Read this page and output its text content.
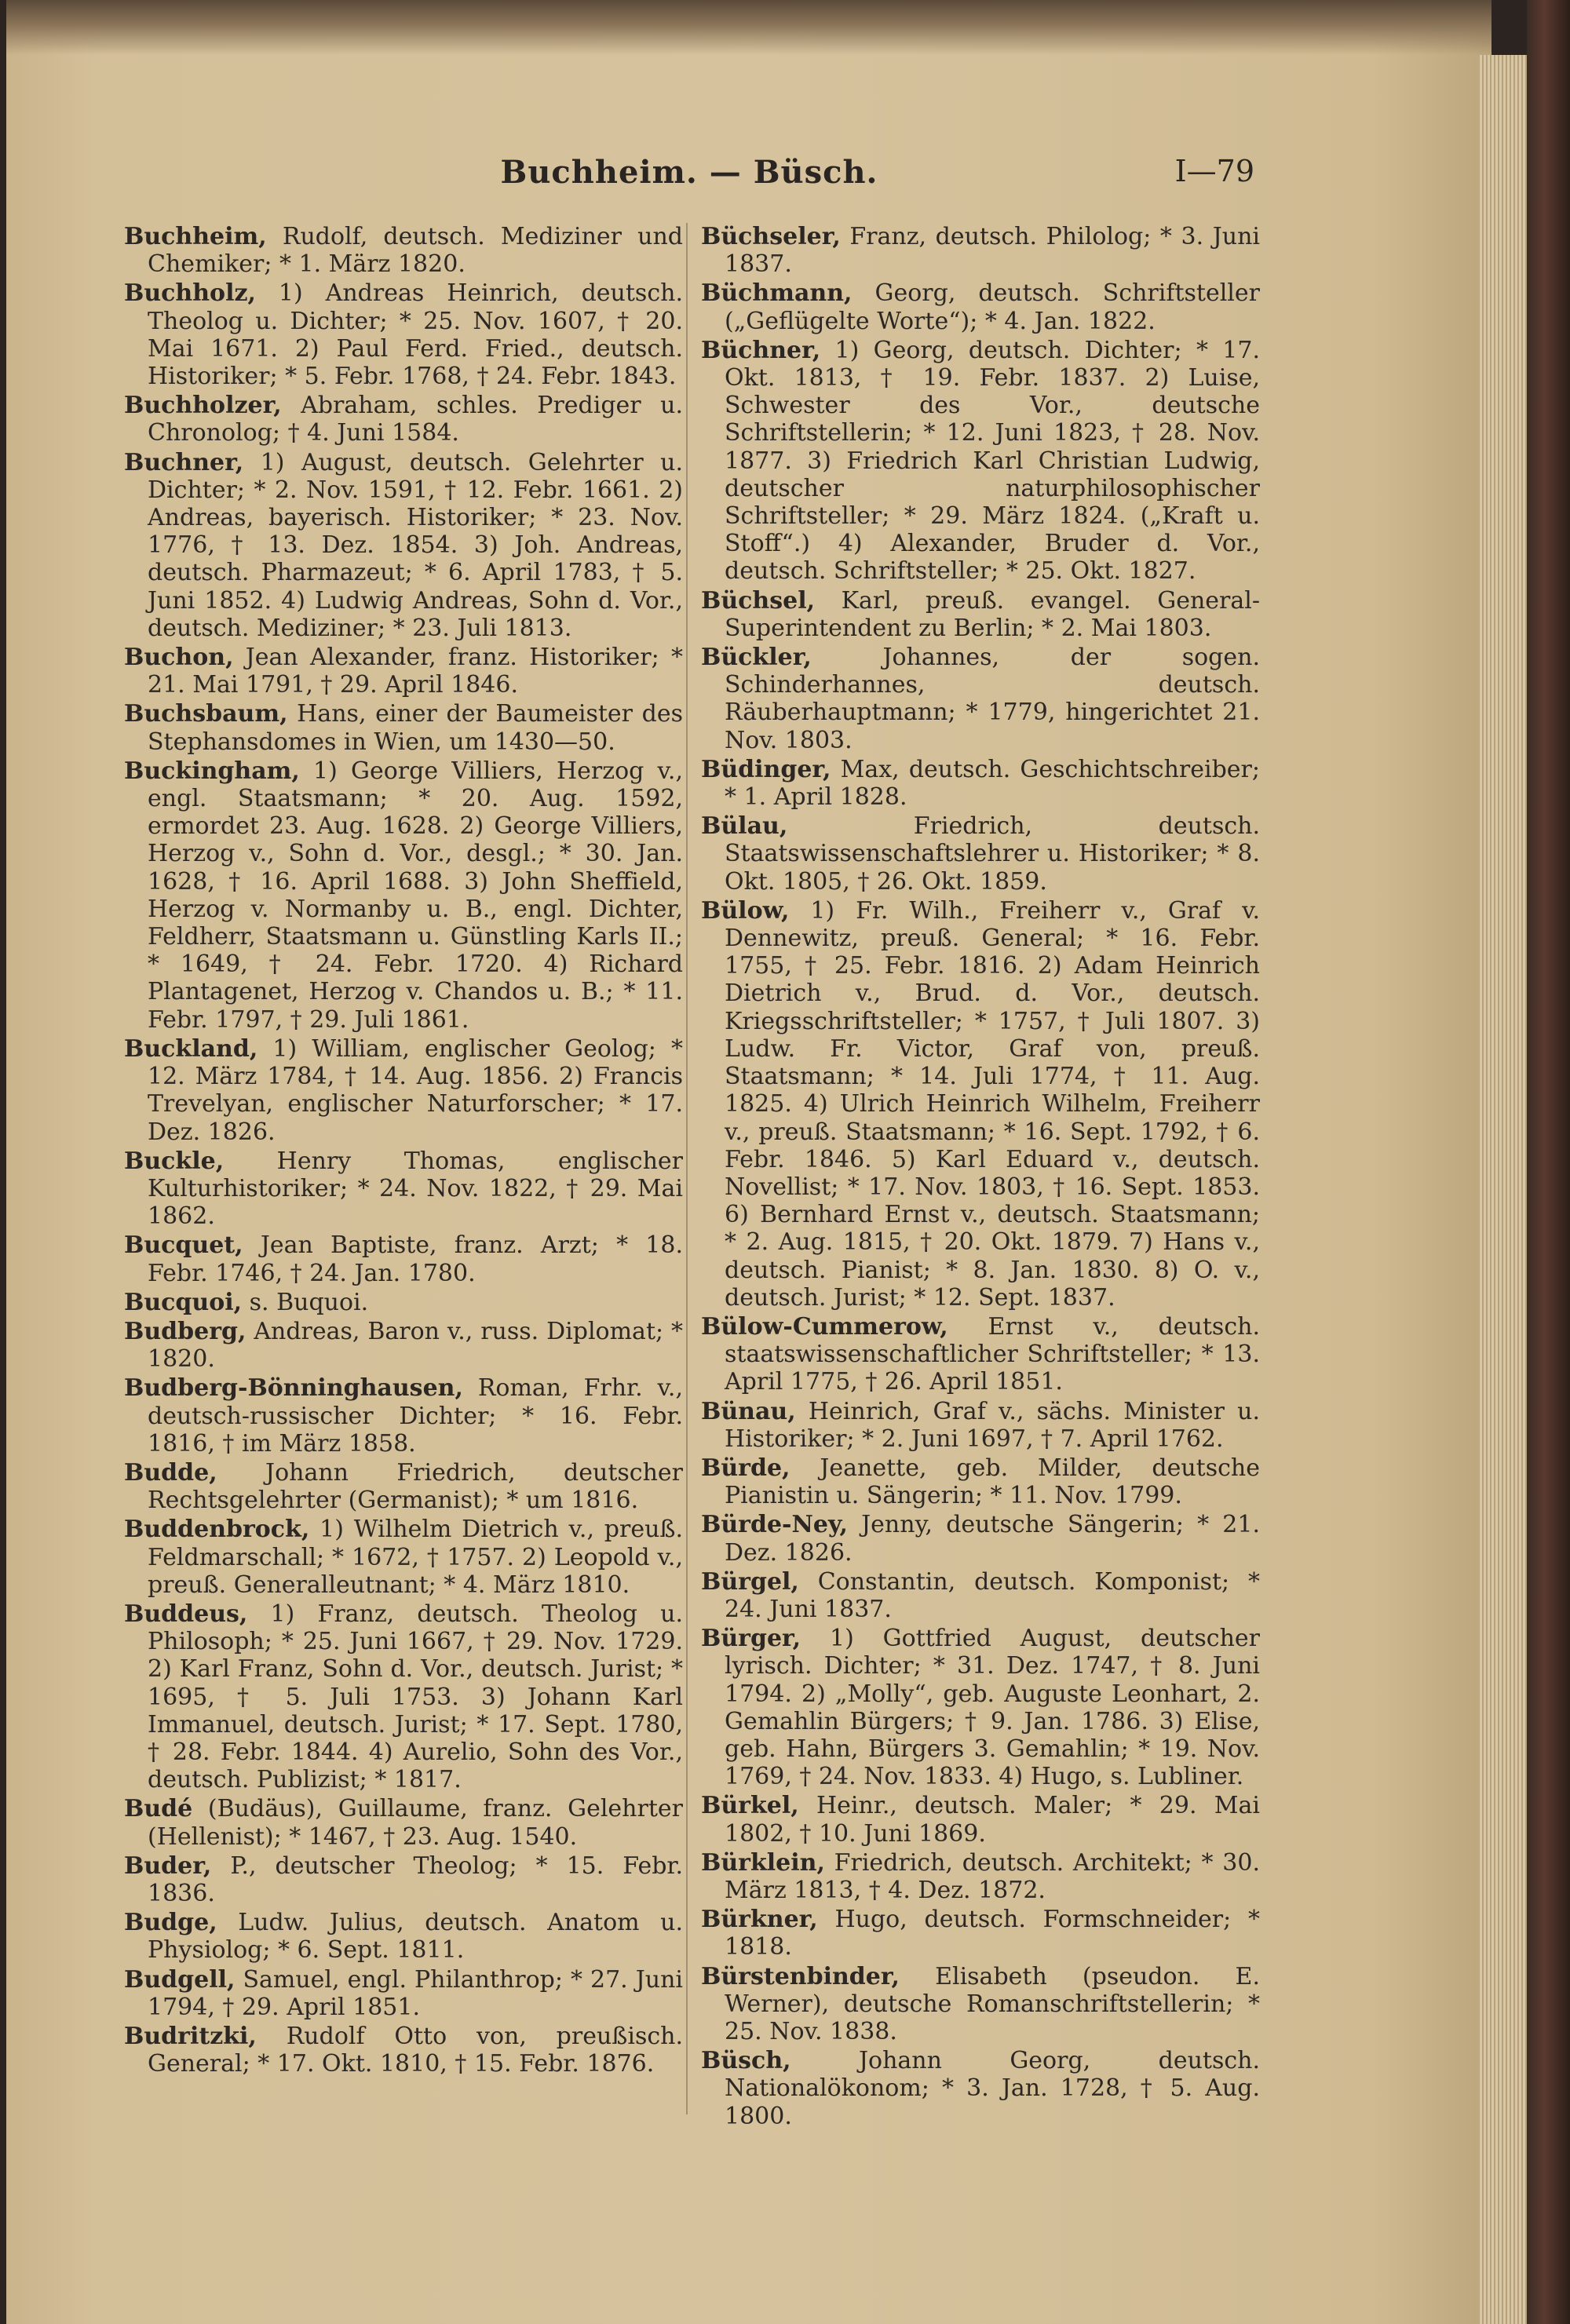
Buchheim. — Büsch.	I—79
Buchheim, Rudolf, deutsch. Mediziner und Chemiker; * 1. März 1820.
Buchholz, 1) Andreas Heinrich, deutsch. Theolog u. Dichter; * 25. Nov. 1607, † 20. Mai 1671. 2) Paul Ferd. Fried., deutsch. Historiker; * 5. Febr. 1768, † 24. Febr. 1843.
Buchholzer, Abraham, schles. Prediger u. Chronolog; † 4. Juni 1584.
Buchner, 1) August, deutsch. Gelehrter u. Dichter; * 2. Nov. 1591, † 12. Febr. 1661. 2) Andreas, bayerisch. Historiker; * 23. Nov. 1776, † 13. Dez. 1854. 3) Joh. Andreas, deutsch. Pharmazeut; * 6. April 1783, † 5. Juni 1852. 4) Ludwig Andreas, Sohn d. Vor., deutsch. Mediziner; * 23. Juli 1813.
Buchon, Jean Alexander, franz. Historiker; * 21. Mai 1791, † 29. April 1846.
Buchsbaum, Hans, einer der Baumeister des Stephansdomes in Wien, um 1430—50.
Buckingham, 1) George Villiers, Herzog v., engl. Staatsmann; * 20. Aug. 1592, ermordet 23. Aug. 1628. 2) George Villiers, Herzog v., Sohn d. Vor., desgl.; * 30. Jan. 1628, † 16. April 1688. 3) John Sheffield, Herzog v. Normanby u. B., engl. Dichter, Feldherr, Staatsmann u. Günstling Karls II.; * 1649, † 24. Febr. 1720. 4) Richard Plantagenet, Herzog v. Chandos u. B.; * 11. Febr. 1797, † 29. Juli 1861.
Buckland, 1) William, englischer Geolog; * 12. März 1784, † 14. Aug. 1856. 2) Francis Trevelyan, englischer Naturforscher; * 17. Dez. 1826.
Buckle, Henry Thomas, englischer Kulturhistoriker; * 24. Nov. 1822, † 29. Mai 1862.
Bucquet, Jean Baptiste, franz. Arzt; * 18. Febr. 1746, † 24. Jan. 1780.
Bucquoi, s. Buquoi.
Budberg, Andreas, Baron v., russ. Diplomat; * 1820.
Budberg-Bönninghausen, Roman, Frhr. v., deutsch-russischer Dichter; * 16. Febr. 1816, † im März 1858.
Budde, Johann Friedrich, deutscher Rechtsgelehrter (Germanist); * um 1816.
Buddenbrock, 1) Wilhelm Dietrich v., preuß. Feldmarschall; * 1672, † 1757. 2) Leopold v., preuß. Generalleutnant; * 4. März 1810.
Buddeus, 1) Franz, deutsch. Theolog u. Philosoph; * 25. Juni 1667, † 29. Nov. 1729. 2) Karl Franz, Sohn d. Vor., deutsch. Jurist; * 1695, † 5. Juli 1753. 3) Johann Karl Immanuel, deutsch. Jurist; * 17. Sept. 1780, † 28. Febr. 1844. 4) Aurelio, Sohn des Vor., deutsch. Publizist; * 1817.
Budé (Budäus), Guillaume, franz. Gelehrter (Hellenist); * 1467, † 23. Aug. 1540.
Buder, P., deutscher Theolog; * 15. Febr. 1836.
Budge, Ludw. Julius, deutsch. Anatom u. Physiolog; * 6. Sept. 1811.
Budgell, Samuel, engl. Philanthrop; * 27. Juni 1794, † 29. April 1851.
Budritzki, Rudolf Otto von, preußisch. General; * 17. Okt. 1810, † 15. Febr. 1876.
Büchseler, Franz, deutsch. Philolog; * 3. Juni 1837.
Büchmann, Georg, deutsch. Schriftsteller („Geflügelte Worte“); * 4. Jan. 1822.
Büchner, 1) Georg, deutsch. Dichter; * 17. Okt. 1813, † 19. Febr. 1837. 2) Luise, Schwester des Vor., deutsche Schriftstellerin; * 12. Juni 1823, † 28. Nov. 1877. 3) Friedrich Karl Christian Ludwig, deutscher naturphilosophischer Schriftsteller; * 29. März 1824. („Kraft u. Stoff“.) 4) Alexander, Bruder d. Vor., deutsch. Schriftsteller; * 25. Okt. 1827.
Büchsel, Karl, preuß. evangel. General-Superintendent zu Berlin; * 2. Mai 1803.
Bückler, Johannes, der sogen. Schinderhannes, deutsch. Räuberhauptmann; * 1779, hingerichtet 21. Nov. 1803.
Büdinger, Max, deutsch. Geschichtschreiber; * 1. April 1828.
Bülau, Friedrich, deutsch. Staatswissenschaftslehrer u. Historiker; * 8. Okt. 1805, † 26. Okt. 1859.
Bülow, 1) Fr. Wilh., Freiherr v., Graf v. Dennewitz, preuß. General; * 16. Febr. 1755, † 25. Febr. 1816. 2) Adam Heinrich Dietrich v., Brud. d. Vor., deutsch. Kriegsschriftsteller; * 1757, † Juli 1807. 3) Ludw. Fr. Victor, Graf von, preuß. Staatsmann; * 14. Juli 1774, † 11. Aug. 1825. 4) Ulrich Heinrich Wilhelm, Freiherr v., preuß. Staatsmann; * 16. Sept. 1792, † 6. Febr. 1846. 5) Karl Eduard v., deutsch. Novellist; * 17. Nov. 1803, † 16. Sept. 1853. 6) Bernhard Ernst v., deutsch. Staatsmann; * 2. Aug. 1815, † 20. Okt. 1879. 7) Hans v., deutsch. Pianist; * 8. Jan. 1830. 8) O. v., deutsch. Jurist; * 12. Sept. 1837.
Bülow-Cummerow, Ernst v., deutsch. staatswissenschaftlicher Schriftsteller; * 13. April 1775, † 26. April 1851.
Bünau, Heinrich, Graf v., sächs. Minister u. Historiker; * 2. Juni 1697, † 7. April 1762.
Bürde, Jeanette, geb. Milder, deutsche Pianistin u. Sängerin; * 11. Nov. 1799.
Bürde-Ney, Jenny, deutsche Sängerin; * 21. Dez. 1826.
Bürgel, Constantin, deutsch. Komponist; * 24. Juni 1837.
Bürger, 1) Gottfried August, deutscher lyrisch. Dichter; * 31. Dez. 1747, † 8. Juni 1794. 2) „Molly“, geb. Auguste Leonhart, 2. Gemahlin Bürgers; † 9. Jan. 1786. 3) Elise, geb. Hahn, Bürgers 3. Gemahlin; * 19. Nov. 1769, † 24. Nov. 1833. 4) Hugo, s. Lubliner.
Bürkel, Heinr., deutsch. Maler; * 29. Mai 1802, † 10. Juni 1869.
Bürklein, Friedrich, deutsch. Architekt; * 30. März 1813, † 4. Dez. 1872.
Bürkner, Hugo, deutsch. Formschneider; * 1818.
Bürstenbinder, Elisabeth (pseudon. E. Werner), deutsche Romanschriftstellerin; * 25. Nov. 1838.
Büsch, Johann Georg, deutsch. Nationalökonom; * 3. Jan. 1728, † 5. Aug. 1800.
